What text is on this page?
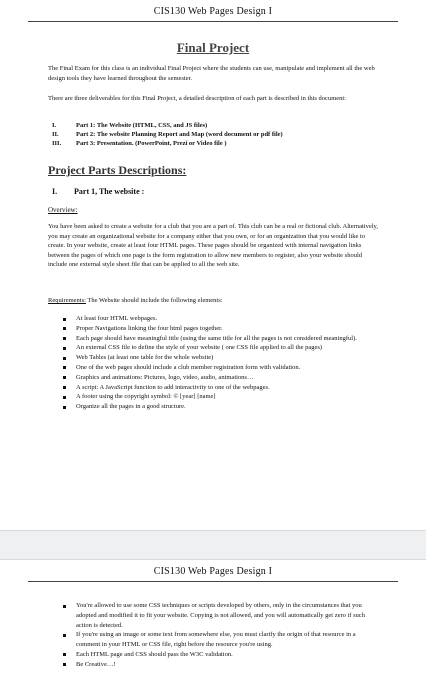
CIS130 Web Pages Design I
Final Project

The Final Exam for this class is an individual Final Project where the students can use, manipulate and implement all the web design tools they have learned throughout the semester.

There are three deliverables for this Final Project, a detailed description of each part is described in this document:

I.	Part 1: The Website (HTML, CSS, and JS files)
II.	Part 2: The website Planning Report and Map (word document or pdf file)
III.	Part 3: Presentation. (PowerPoint, Prezi or Video file )
Project Parts Descriptions:
I. Part 1, The website :
Overview:

You have been asked to create a website for a club that you are a part of. This club can be a real or fictional club. Alternatively, you may create an organizational website for a company either that you own, or for an organization that you would like to create. In your website, create at least four HTML pages. These pages should be organized with internal navigation links between the pages of which one page is the form registration to allow new members to register, also your website should include one external style sheet file that can be applied to all the web site.

Requirements: The Website should include the following elements:
At least four HTML webpages.
Proper Navigations linking the four html pages together.
Each page should have meaningful title (using the same title for all the pages is not considered meaningful).
An external CSS file to define the style of your website ( one CSS file applied to all the pages)
Web Tables (at least one table for the whole website)
One of the web pages should include a club member registration form with validation.
Graphics and animations: Pictures, logo, video, audio, animations…
A script: A JavaScript function to add interactivity to one of the webpages.
A footer using the copyright symbol: © [year] [name]
Organize all the pages in a good structure.
CIS130 Web Pages Design I
You're allowed to use some CSS techniques or scripts developed by others, only in the circumstances that you adopted and modified it to fit your website. Copying is not allowed, and you will automatically get zero if such action is detected.
If you're using an image or some text from somewhere else, you must clarify the origin of that resource in a comment in your HTML or CSS file, right before the resource you're using.
Each HTML page and CSS should pass the W3C validation.
Be Creative…!
